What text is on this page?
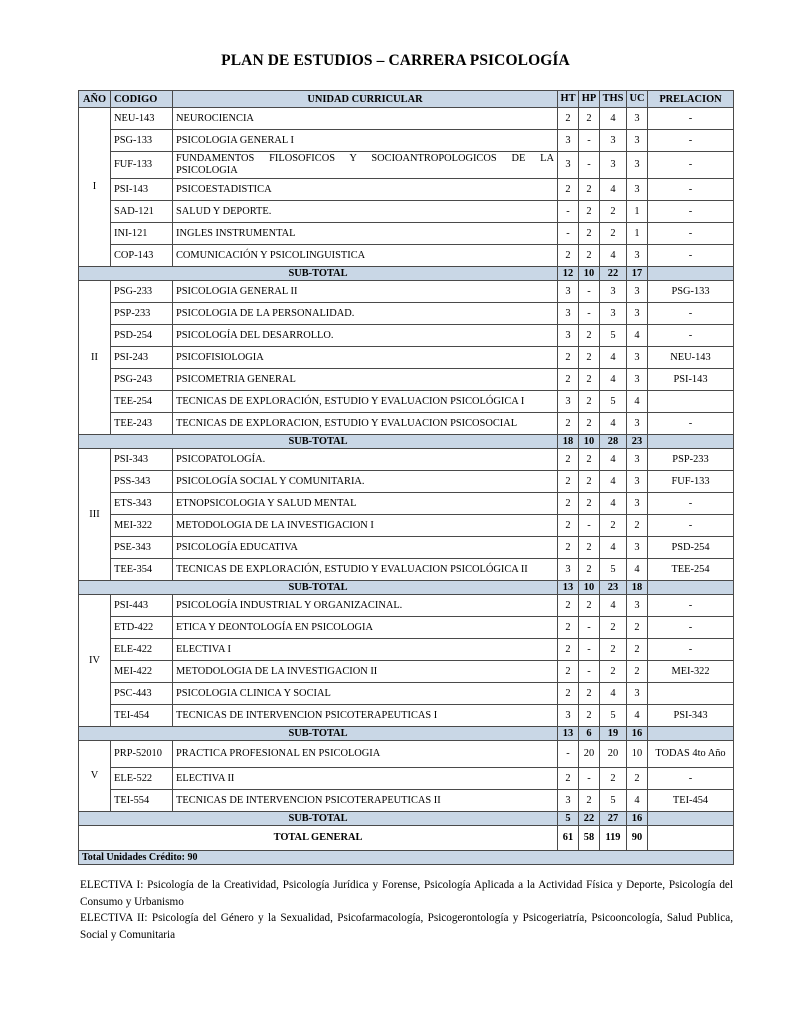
PLAN DE ESTUDIOS – CARRERA PSICOLOGÍA
AÑO	CODIGO	UNIDAD CURRICULAR	HT	HP	THS	UC	PRELACION
I	NEU-143	NEUROCIENCIA	2	2	4	3	-
	PSG-133	PSICOLOGIA GENERAL I	3	-	3	3	-
	FUF-133	FUNDAMENTOS FILOSOFICOS Y SOCIOANTROPOLOGICOS DE LA PSICOLOGIA	3	-	3	3	-
	PSI-143	PSICOESTADISTICA	2	2	4	3	-
	SAD-121	SALUD Y DEPORTE.	-	2	2	1	-
	INI-121	INGLES INSTRUMENTAL	-	2	2	1	-
	COP-143	COMUNICACIÓN Y PSICOLINGUISTICA	2	2	4	3	-
SUB-TOTAL			12	10	22	17	
II	PSG-233	PSICOLOGIA GENERAL II	3	-	3	3	PSG-133
	PSP-233	PSICOLOGIA DE LA PERSONALIDAD.	3	-	3	3	-
	PSD-254	PSICOLOGÍA DEL DESARROLLO.	3	2	5	4	-
	PSI-243	PSICOFISIOLOGIA	2	2	4	3	NEU-143
	PSG-243	PSICOMETRIA GENERAL	2	2	4	3	PSI-143
	TEE-254	TECNICAS DE EXPLORACIÓN, ESTUDIO Y EVALUACION PSICOLÓGICA I	3	2	5	4	
	TEE-243	TECNICAS DE EXPLORACION, ESTUDIO Y EVALUACION PSICOSOCIAL	2	2	4	3	-
SUB-TOTAL			18	10	28	23	
III	PSI-343	PSICOPATOLOGÍA.	2	2	4	3	PSP-233
	PSS-343	PSICOLOGÍA SOCIAL Y COMUNITARIA.	2	2	4	3	FUF-133
	ETS-343	ETNOPSICOLOGIA Y SALUD MENTAL	2	2	4	3	-
	MEI-322	METODOLOGIA DE LA INVESTIGACION I	2	-	2	2	-
	PSE-343	PSICOLOGÍA EDUCATIVA	2	2	4	3	PSD-254
	TEE-354	TECNICAS DE EXPLORACIÓN, ESTUDIO Y EVALUACION PSICOLÓGICA II	3	2	5	4	TEE-254
SUB-TOTAL			13	10	23	18	
IV	PSI-443	PSICOLOGÍA INDUSTRIAL Y ORGANIZACINAL.	2	2	4	3	-
	ETD-422	ETICA Y DEONTOLOGÍA EN PSICOLOGIA	2	-	2	2	-
	ELE-422	ELECTIVA I	2	-	2	2	-
	MEI-422	METODOLOGIA DE LA INVESTIGACION II	2	-	2	2	MEI-322
	PSC-443	PSICOLOGIA CLINICA Y SOCIAL	2	2	4	3	
	TEI-454	TECNICAS DE INTERVENCION PSICOTERAPEUTICAS I	3	2	5	4	PSI-343
SUB-TOTAL			13	6	19	16	
V	PRP-52010	PRACTICA PROFESIONAL EN PSICOLOGIA	-	20	20	10	TODAS 4to Año
	ELE-522	ELECTIVA II	2	-	2	2	-
	TEI-554	TECNICAS DE INTERVENCION PSICOTERAPEUTICAS II	3	2	5	4	TEI-454
SUB-TOTAL			5	22	27	16	
TOTAL GENERAL			61	58	119	90	
Total Unidades Crédito: 90							

ELECTIVA I: Psicología de la Creatividad, Psicología Jurídica y Forense, Psicología Aplicada a la Actividad Física y Deporte, Psicología del Consumo y Urbanismo

ELECTIVA II: Psicología del Género y la Sexualidad, Psicofarmacología, Psicogerontología y Psicogeriatría, Psicooncología, Salud Publica, Social y Comunitaria
